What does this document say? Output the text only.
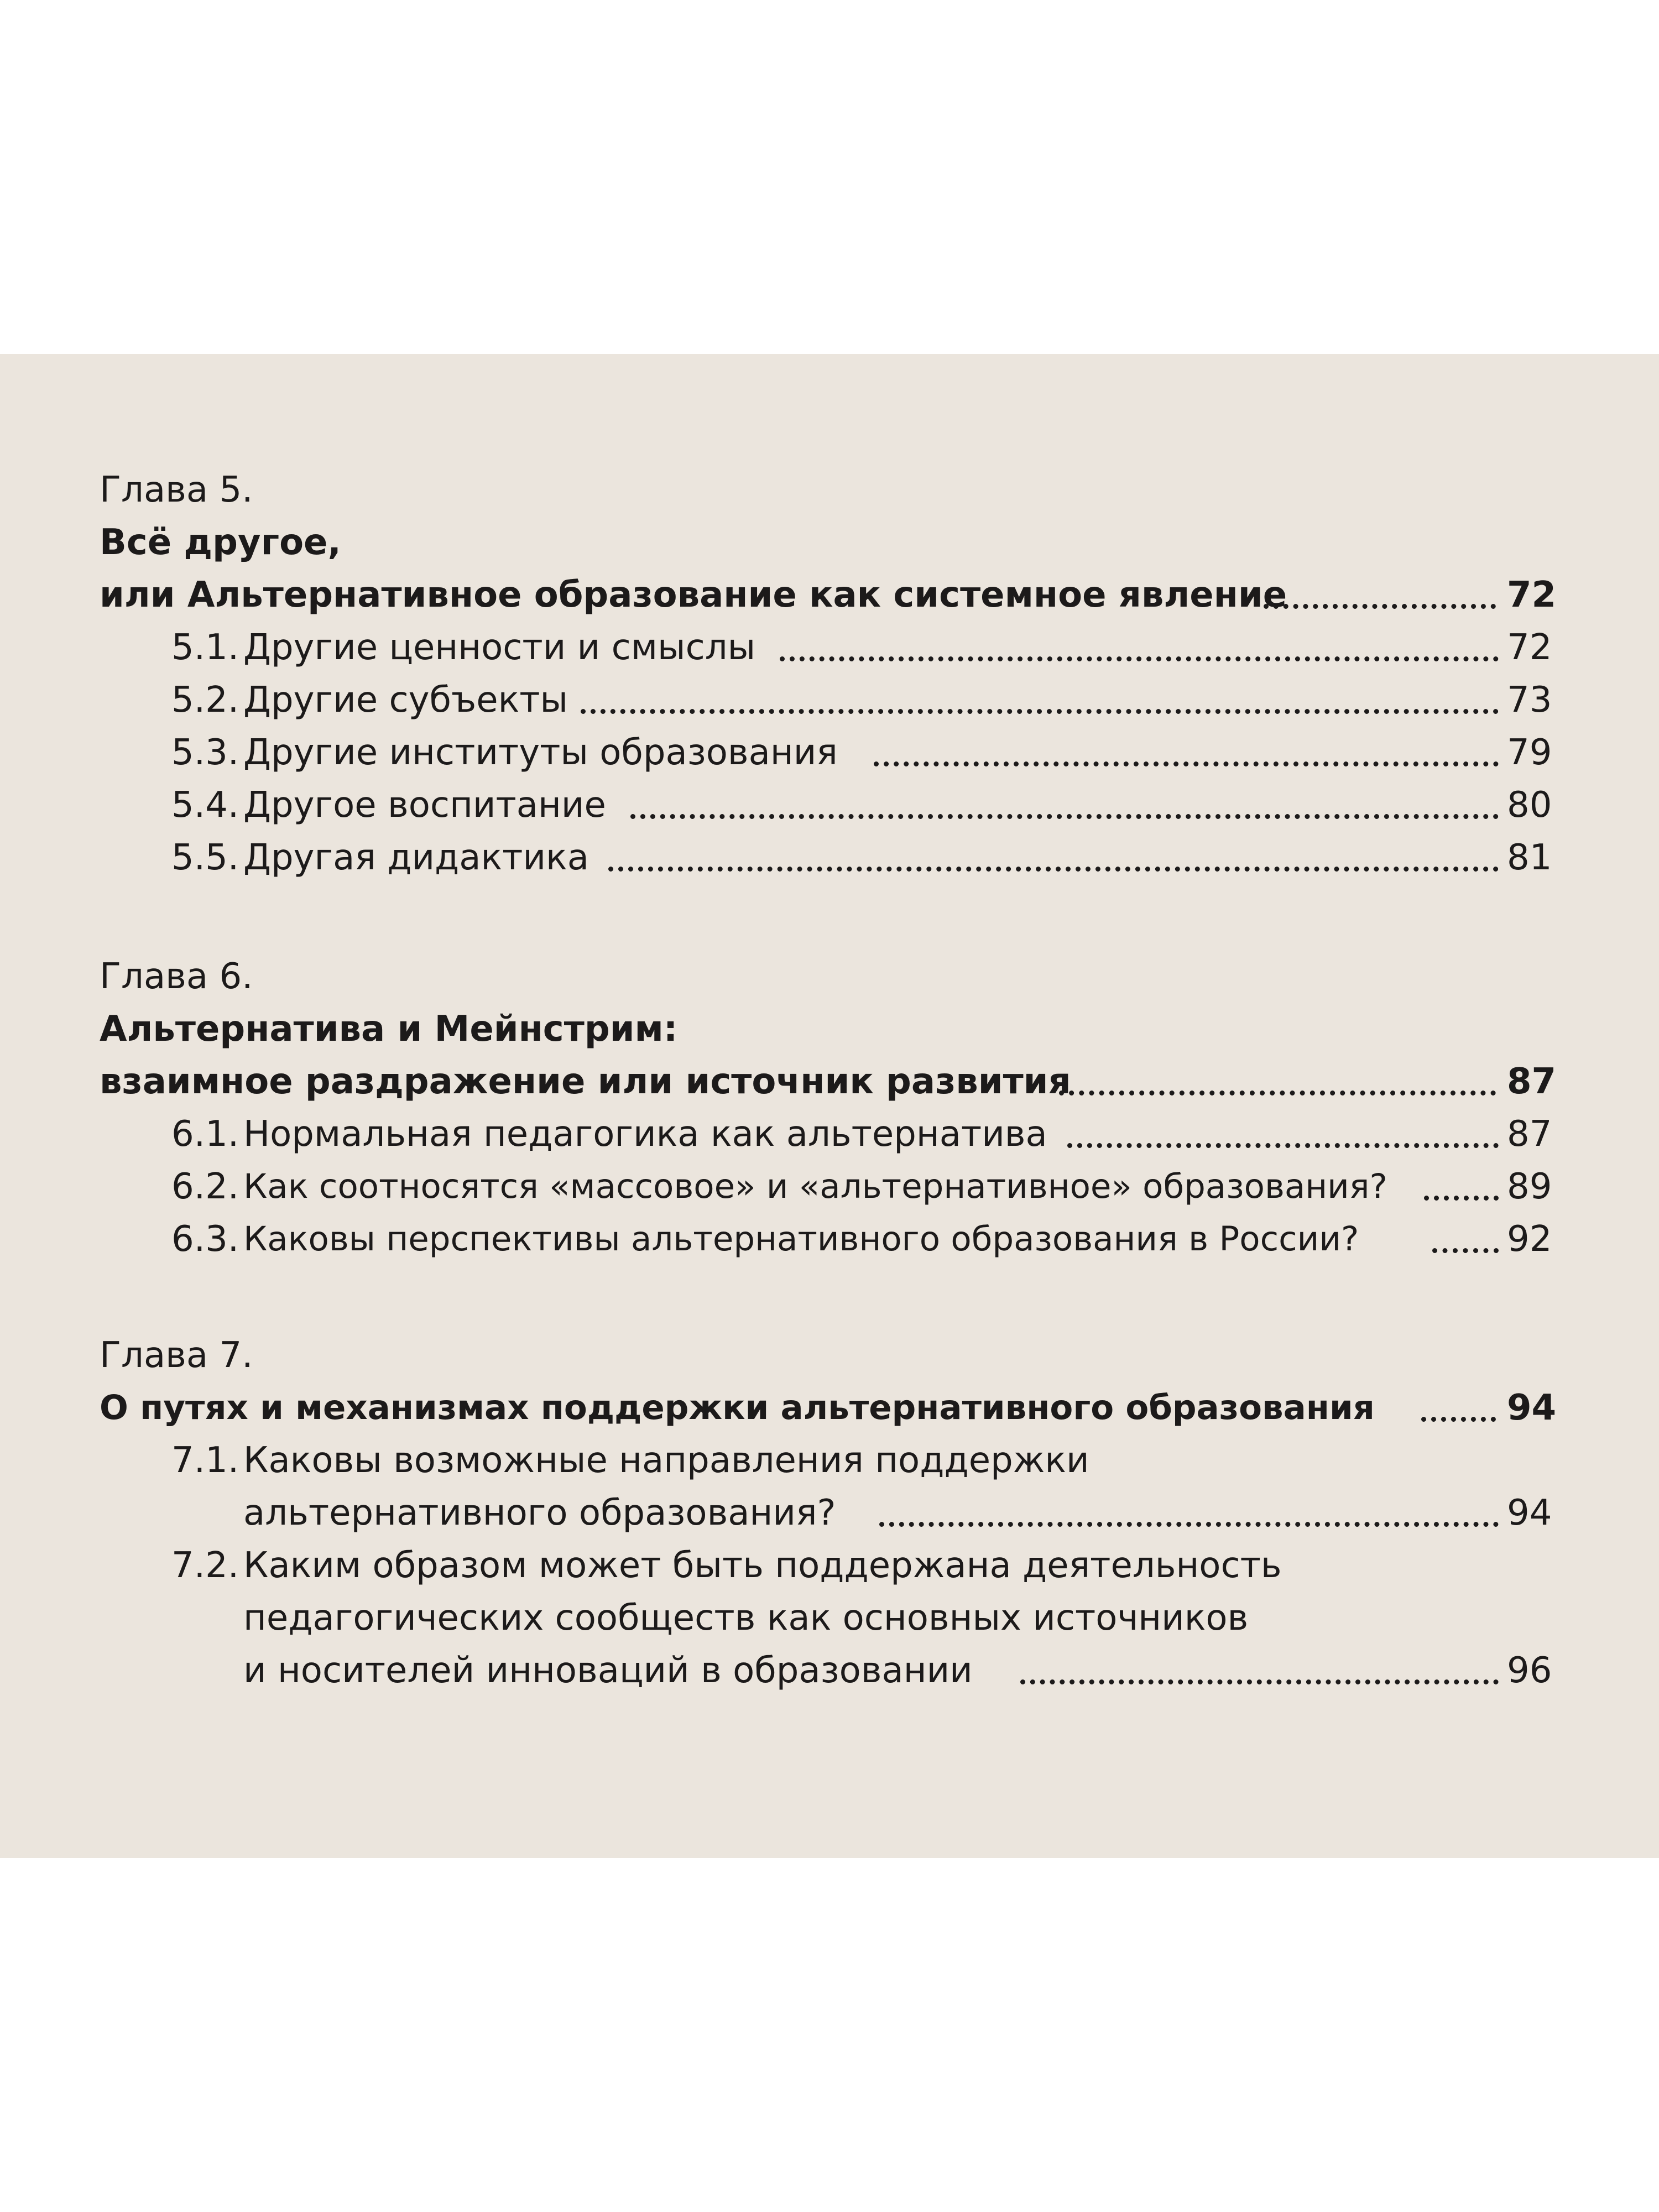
Глава 5.
Всё другое,
или Альтернативное образование как системное явление	72
5.1. Другие ценности и смыслы	72
5.2. Другие субъекты	73
5.3. Другие институты образования	79
5.4. Другое воспитание	80
5.5. Другая дидактика	81
Глава 6.
Альтернатива и Мейнстрим:
взаимное раздражение или источник развития	87
6.1. Нормальная педагогика как альтернатива	87
6.2. Как соотносятся «массовое» и «альтернативное» образования?	89
6.3. Каковы перспективы альтернативного образования в России?	92
Глава 7.
О путях и механизмах поддержки альтернативного образования	94
7.1. Каковы возможные направления поддержки
альтернативного образования?	94
7.2. Каким образом может быть поддержана деятельность
педагогических сообществ как основных источников
и носителей инноваций в образовании	96
